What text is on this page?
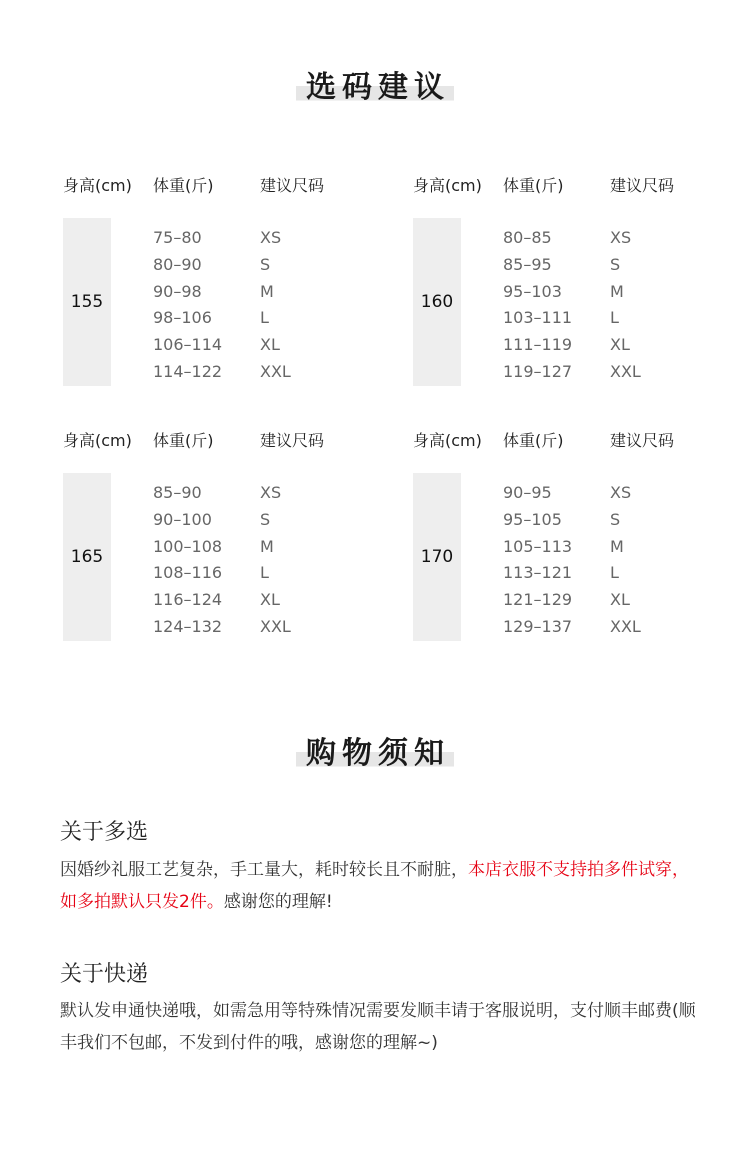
选码建议
身高(cm) 体重(斤)	建议尺码
155
75–80	XS
80–90	S
90–98	M
98–106	L
106–114 XL
114–122 XXL
身高(cm) 体重(斤)	建议尺码
160
80–85	XS
85–95	S
95–103	M
103–111 L
111–119 XL
119–127 XXL
身高(cm) 体重(斤)	建议尺码
165
85–90	XS
90–100	S
100–108 M
108–116 L
116–124 XL
124–132 XXL
身高(cm) 体重(斤)	建议尺码
170
90–95	XS
95–105	S
105–113 M
113–121 L
121–129 XL
129–137 XXL
购物须知
关于多选
因婚纱礼服工艺复杂，手工量大，耗时较长且不耐脏，本店衣服不支持拍多件试穿，如多拍默认只发2件。感谢您的理解!
关于快递
默认发申通快递哦，如需急用等特殊情况需要发顺丰请于客服说明，支付顺丰邮费(顺丰我们不包邮，不发到付件的哦，感谢您的理解~)
